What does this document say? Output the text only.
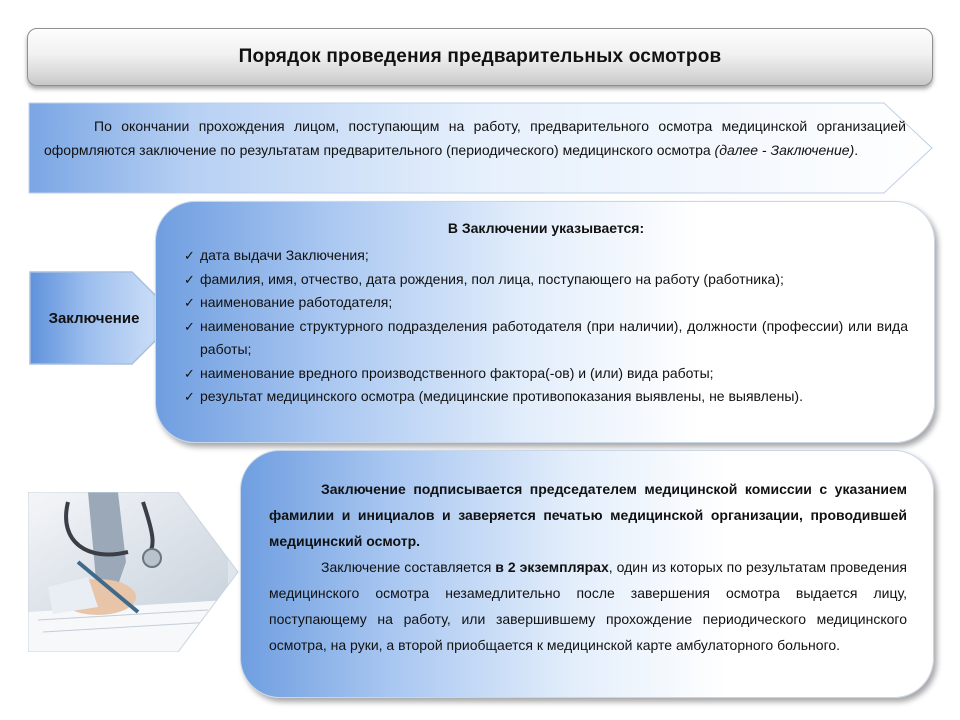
Порядок проведения предварительных осмотров
По окончании прохождения лицом, поступающим на работу, предварительного осмотра медицинской организацией оформляются заключение по результатам предварительного (периодического) медицинского осмотра (далее - Заключение).
Заключение
В Заключении указывается:
✓ дата выдачи Заключения;
✓ фамилия, имя, отчество, дата рождения, пол лица, поступающего на работу (работника);
✓ наименование работодателя;
✓ наименование структурного подразделения работодателя (при наличии), должности (профессии) или вида работы;
✓ наименование вредного производственного фактора(-ов) и (или) вида работы;
✓ результат медицинского осмотра (медицинские противопоказания выявлены, не выявлены).

Заключение подписывается председателем медицинской комиссии с указанием фамилии и инициалов и заверяется печатью медицинской организации, проводившей медицинский осмотр.

Заключение составляется в 2 экземплярах, один из которых по результатам проведения медицинского осмотра незамедлительно после завершения осмотра выдается лицу, поступающему на работу, или завершившему прохождение периодического медицинского осмотра, на руки, а второй приобщается к медицинской карте амбулаторного больного.
